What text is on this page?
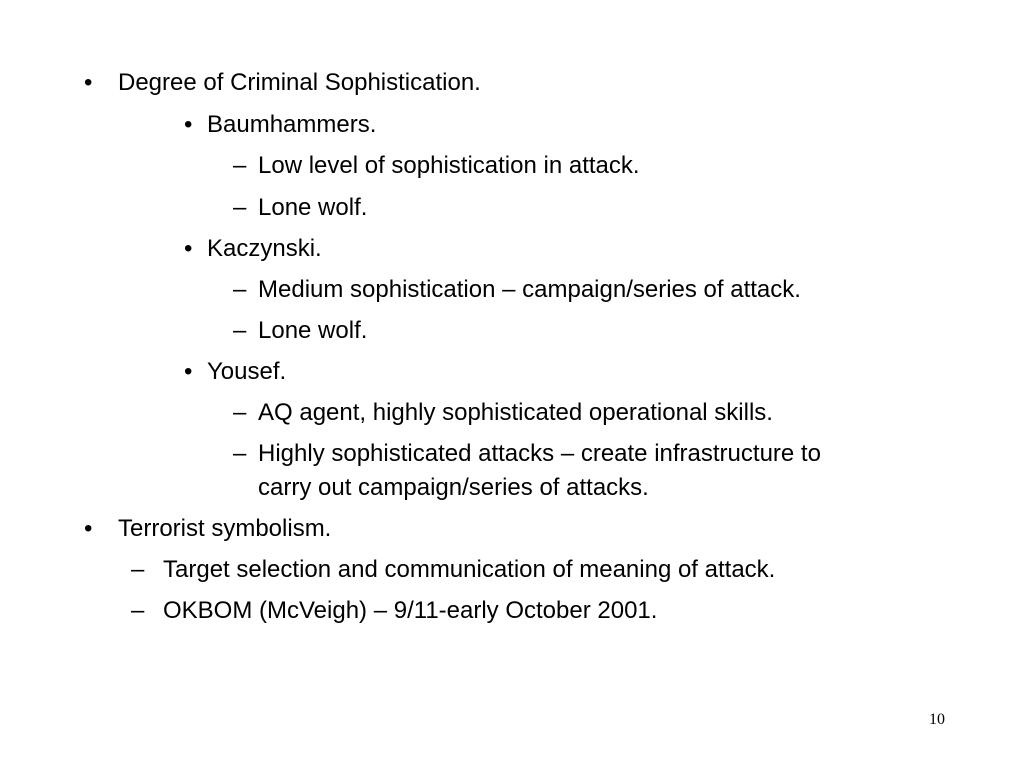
• Degree of Criminal Sophistication.
• Baumhammers.
– Low level of sophistication in attack.
– Lone wolf.
• Kaczynski.
– Medium sophistication – campaign/series of attack.
– Lone wolf.
• Yousef.
– AQ agent, highly sophisticated operational skills.
– Highly sophisticated attacks – create infrastructure to
carry out campaign/series of attacks.
• Terrorist symbolism.
– Target selection and communication of meaning of attack.
– OKBOM (McVeigh) – 9/11-early October 2001.
10
